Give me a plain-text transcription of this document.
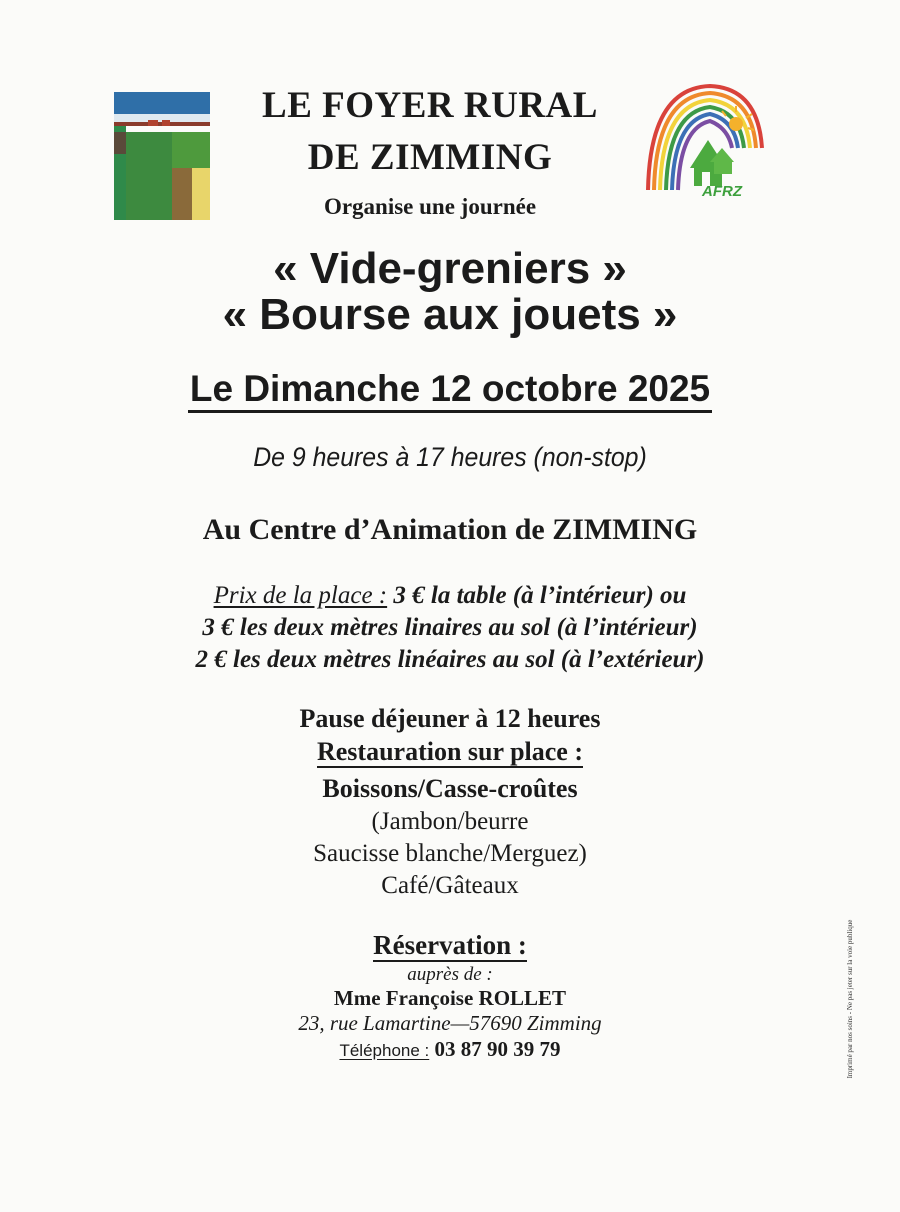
AFRZ
LE FOYER RURAL
DE ZIMMING
Organise une journée
« Vide-greniers »
« Bourse aux jouets »
Le Dimanche 12 octobre 2025
De 9 heures à 17 heures (non-stop)
Au Centre d’Animation de ZIMMING
Prix de la place : 3 € la table (à l’intérieur) ou
3 € les deux mètres linaires au sol (à l’intérieur)
2 € les deux mètres linéaires au sol (à l’extérieur)
Pause déjeuner à 12 heures
Restauration sur place :
Boissons/Casse-croûtes
(Jambon/beurre
Saucisse blanche/Merguez)
Café/Gâteaux
Réservation :
auprès de :
Mme Françoise ROLLET
23, rue Lamartine—57690 Zimming
Téléphone : 03 87 90 39 79	Imprimé par nos soins - Ne pas jeter sur la voie publique
